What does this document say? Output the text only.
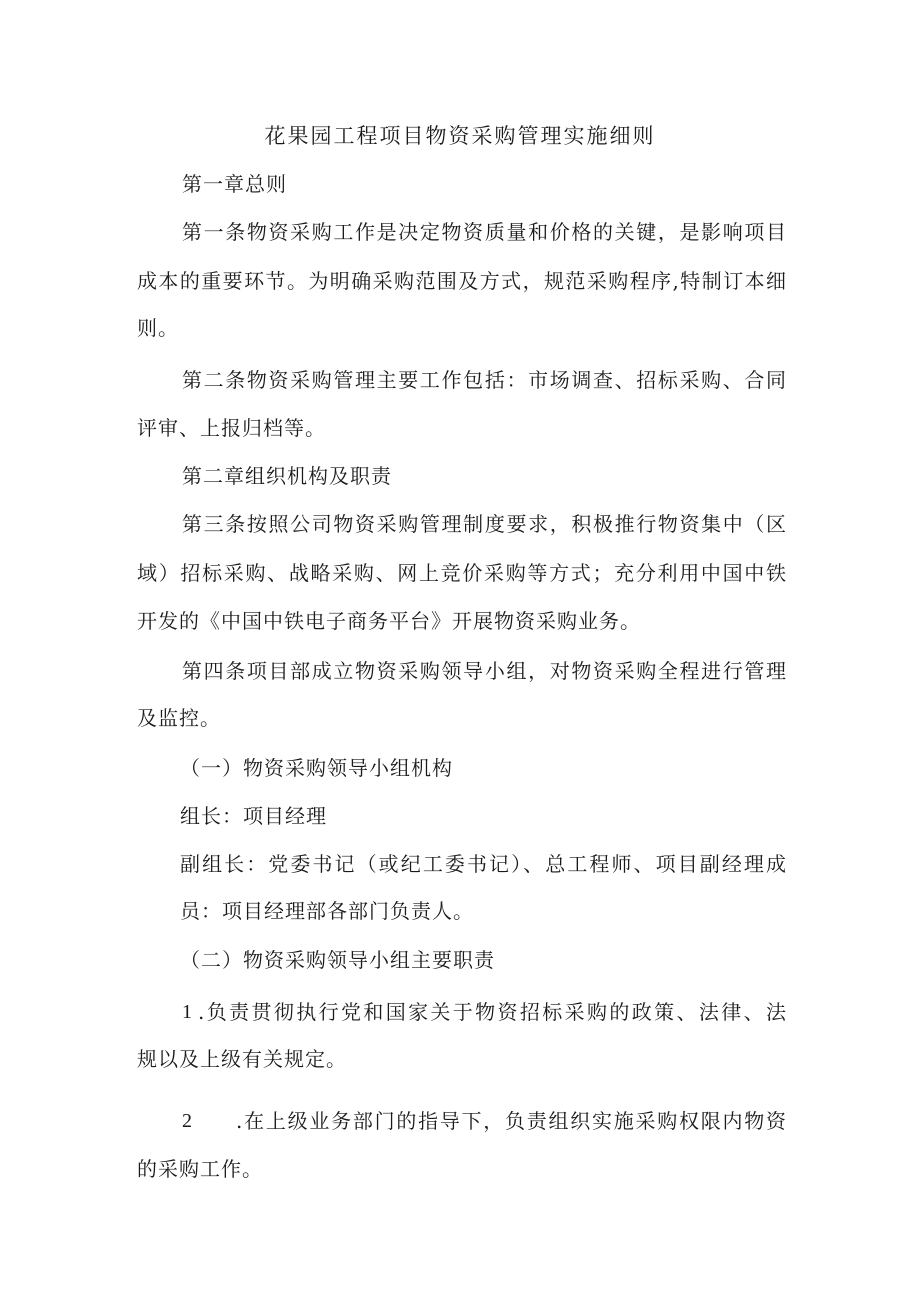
花果园工程项目物资采购管理实施细则
第一章总则
第一条物资采购工作是决定物资质量和价格的关键，是影响项目
成本的重要环节。为明确采购范围及方式，规范采购程序,特制订本细
则。
第二条物资采购管理主要工作包括：市场调查、招标采购、合同
评审、上报归档等。
第二章组织机构及职责
第三条按照公司物资采购管理制度要求，积极推行物资集中（区
域）招标采购、战略采购、网上竞价采购等方式；充分利用中国中铁
开发的《中国中铁电子商务平台》开展物资采购业务。
第四条项目部成立物资采购领导小组，对物资采购全程进行管理
及监控。
（一）物资采购领导小组机构
组长：项目经理
副组长：党委书记（或纪工委书记）、总工程师、项目副经理成
员：项目经理部各部门负责人。
（二）物资采购领导小组主要职责
1 .负责贯彻执行党和国家关于物资招标采购的政策、法律、法
规以及上级有关规定。
2 .在上级业务部门的指导下，负责组织实施采购权限内物资
的采购工作。
